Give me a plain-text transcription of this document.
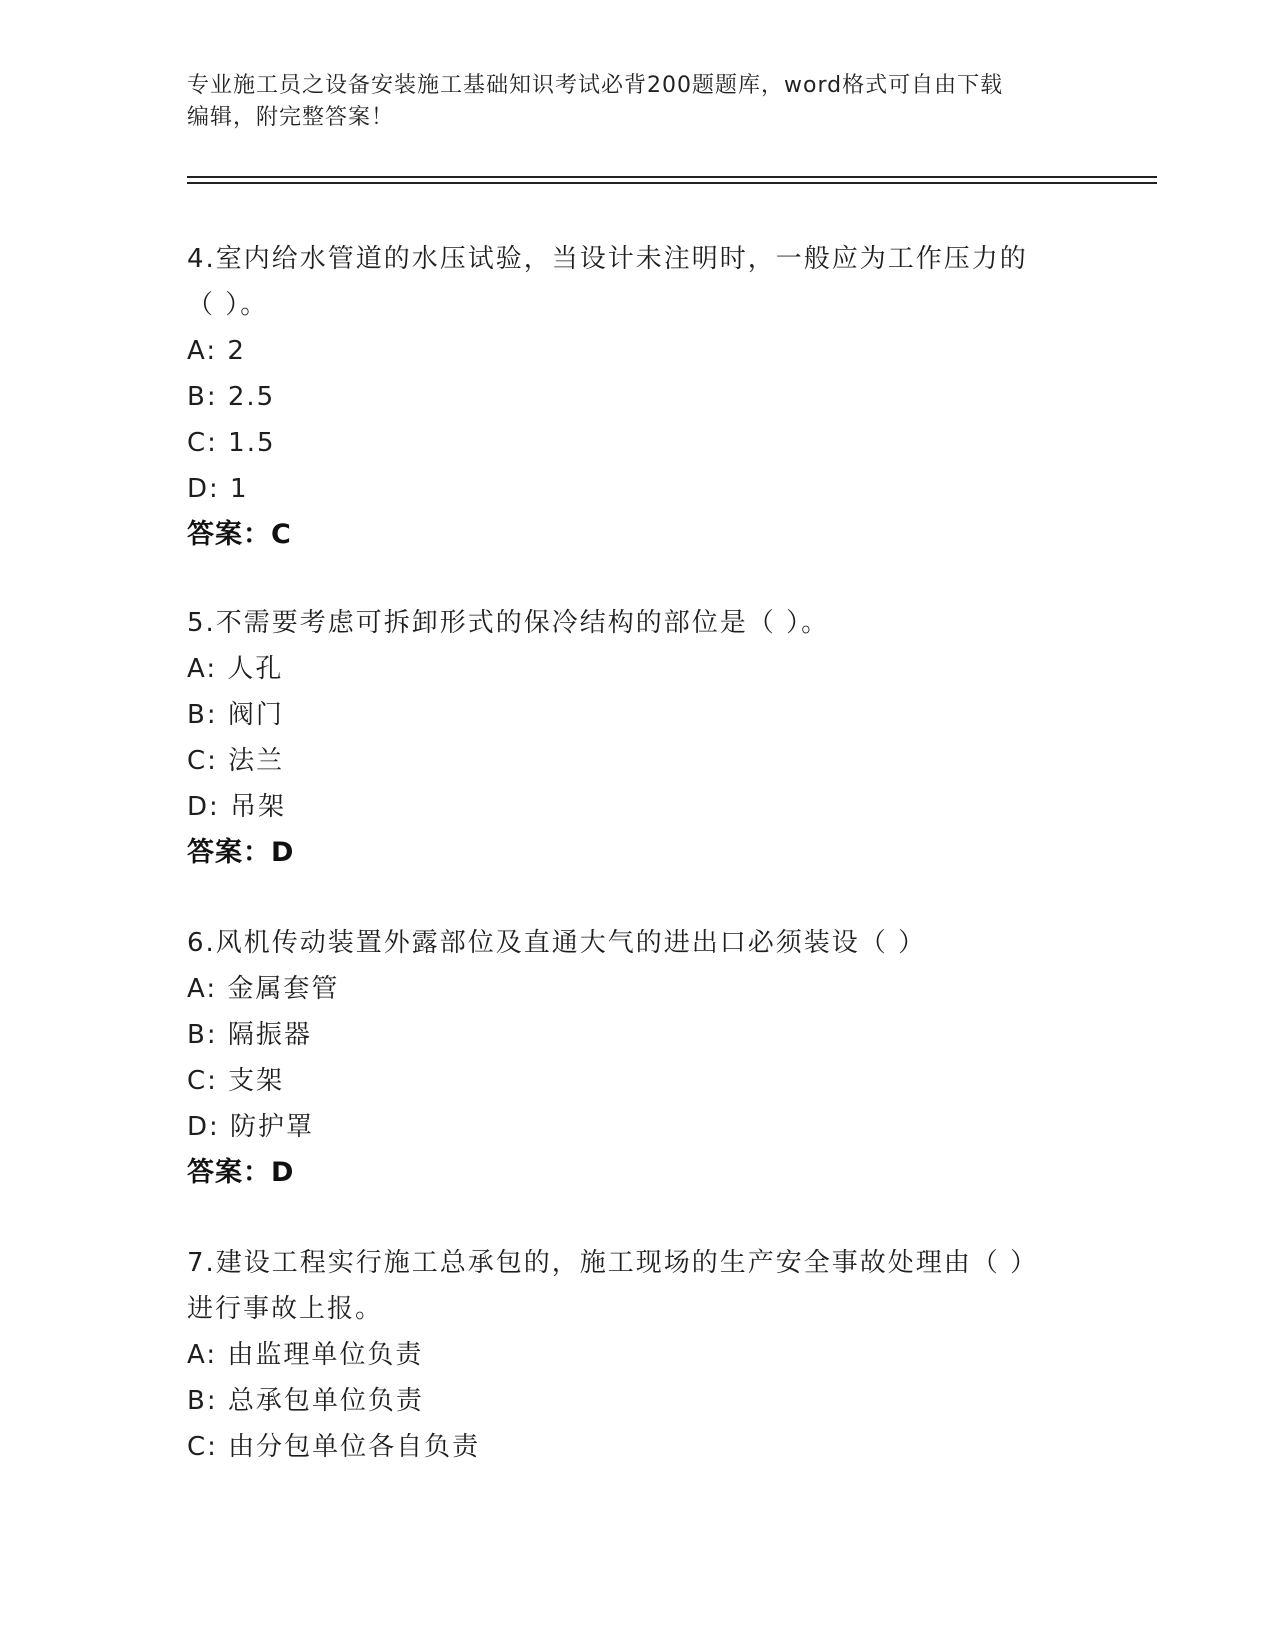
专业施工员之设备安装施工基础知识考试必背200题题库，word格式可自由下载
编辑，附完整答案！
4.室内给水管道的水压试验，当设计未注明时，一般应为工作压力的
（ ）。
A: 2
B: 2.5
C: 1.5
D: 1
答案：C
5.不需要考虑可拆卸形式的保冷结构的部位是（ ）。
A: 人孔
B: 阀门
C: 法兰
D: 吊架
答案：D
6.风机传动装置外露部位及直通大气的进出口必须装设（ ）
A: 金属套管
B: 隔振器
C: 支架
D: 防护罩
答案：D
7.建设工程实行施工总承包的，施工现场的生产安全事故处理由（ ）
进行事故上报。
A: 由监理单位负责
B: 总承包单位负责
C: 由分包单位各自负责
